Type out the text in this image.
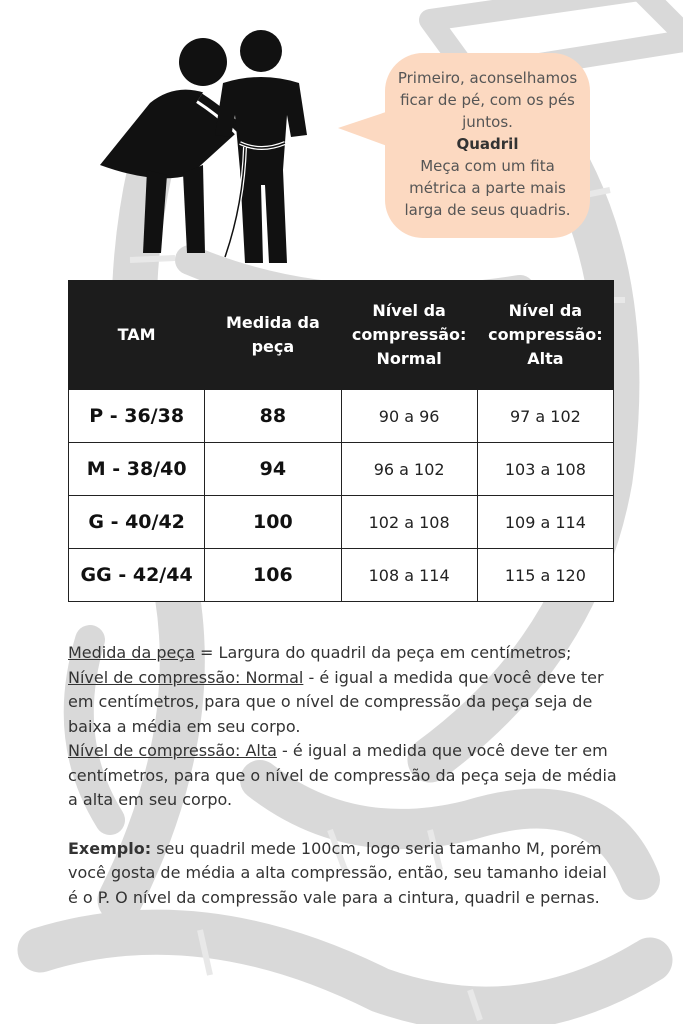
Primeiro, aconselhamos
ficar de pé, com os pés
juntos.
Quadril
Meça com um fita
métrica a parte mais
larga de seus quadris.
TAM	Medida da peça	Nível da compressão: Normal	Nível da compressão: Alta
P - 36/38	88	90 a 96	97 a 102
M - 38/40	94	96 a 102	103 a 108
G - 40/42	100	102 a 108	109 a 114
GG - 42/44	106	108 a 114	115 a 120

Medida da peça = Largura do quadril da peça em centímetros;

Nível de compressão: Normal - é igual a medida que você deve ter em centímetros, para que o nível de compressão da peça seja de baixa a média em seu corpo.

Nível de compressão: Alta - é igual a medida que você deve ter em centímetros, para que o nível de compressão da peça seja de média a alta em seu corpo.

Exemplo: seu quadril mede 100cm, logo seria tamanho M, porém você gosta de média a alta compressão, então, seu tamanho ideial é o P. O nível da compressão vale para a cintura, quadril e pernas.
